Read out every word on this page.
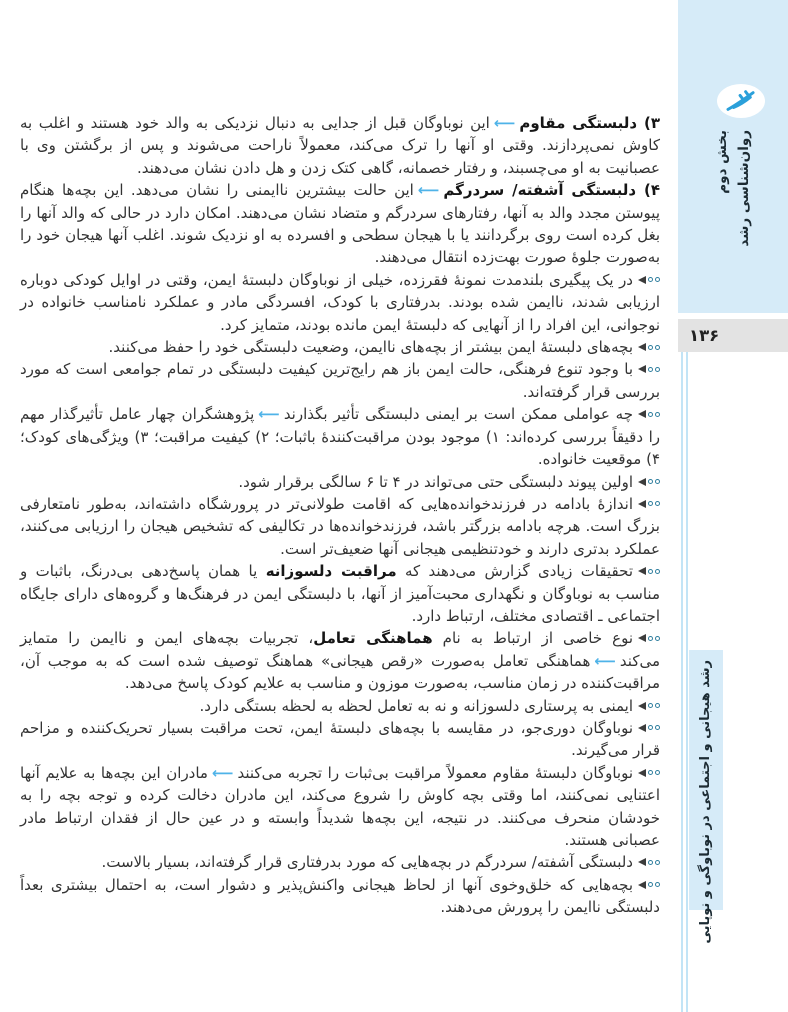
۳) دلبستگی مقاوم⟵این نوباوگان قبل از جدایی به دنبال نزدیکی به والد خود هستند و اغلب به کاوش نمی‌پردازند. وقتی او آنها را ترک می‌کند، معمولاً ناراحت می‌شوند و پس از برگشتن وی با عصبانیت به او می‌چسبند، و رفتار خصمانه، گاهی کتک زدن و هل دادن نشان می‌دهند.

۴) دلبستگی آشفته/ سردرگم⟵این حالت بیشترین ناایمنی را نشان می‌دهد. این بچه‌ها هنگام پیوستن مجدد والد به آنها، رفتارهای سردرگم و متضاد نشان می‌دهند. امکان دارد در حالی که والد آنها را بغل کرده است روی برگردانند یا با هیجان سطحی و افسرده به او نزدیک شوند. اغلب آنها هیجان خود را به‌صورت جلوهٔ صورت بهت‌زده انتقال می‌دهند.

در یک پیگیری بلندمدت نمونهٔ فقرزده، خیلی از نوباوگان دلبستهٔ ایمن، وقتی در اوایل کودکی دوباره ارزیابی شدند، ناایمن شده بودند. بدرفتاری با کودک، افسردگی مادر و عملکرد نامناسب خانواده در نوجوانی، این افراد را از آنهایی که دلبستهٔ ایمن مانده بودند، متمایز کرد.

بچه‌های دلبستهٔ ایمن بیشتر از بچه‌های ناایمن، وضعیت دلبستگی خود را حفظ می‌کنند.

با وجود تنوع فرهنگی، حالت ایمن باز هم رایج‌ترین کیفیت دلبستگی در تمام جوامعی است که مورد بررسی قرار گرفته‌اند.

چه عواملی ممکن است بر ایمنی دلبستگی تأثیر بگذارند⟵پژوهشگران چهار عامل تأثیرگذار مهم را دقیقاً بررسی کرده‌اند: ۱) موجود بودن مراقبت‌کنندهٔ باثبات؛ ۲) کیفیت مراقبت؛ ۳) ویژگی‌های کودک؛ ۴) موقعیت خانواده.

اولین پیوند دلبستگی حتی می‌تواند در ۴ تا ۶ سالگی برقرار شود.

اندازهٔ بادامه در فرزندخوانده‌هایی که اقامت طولانی‌تر در پرورشگاه داشته‌اند، به‌طور نامتعارفی بزرگ است. هرچه بادامه بزرگتر باشد، فرزندخوانده‌ها در تکالیفی که تشخیص هیجان را ارزیابی می‌کنند، عملکرد بدتری دارند و خودتنظیمی هیجانی آنها ضعیف‌تر است.

تحقیقات زیادی گزارش می‌دهند که مراقبت دلسوزانه یا همان پاسخ‌دهی بی‌درنگ، باثبات و مناسب به نوباوگان و نگهداری محبت‌آمیز از آنها، با دلبستگی ایمن در فرهنگ‌ها و گروه‌های دارای جایگاه اجتماعی ـ اقتصادی مختلف، ارتباط دارد.

نوع خاصی از ارتباط به نام هماهنگی تعامل، تجربیات بچه‌های ایمن و ناایمن را متمایز می‌کند⟵هماهنگی تعامل به‌صورت «رقص هیجانی» هماهنگ توصیف شده است که به موجب آن، مراقبت‌کننده در زمان مناسب، به‌صورت موزون و مناسب به علایم کودک پاسخ می‌دهد.

ایمنی به پرستاری دلسوزانه و نه به تعامل لحظه به لحظه بستگی دارد.

نوباوگان دوری‌جو، در مقایسه با بچه‌های دلبستهٔ ایمن، تحت مراقبت بسیار تحریک‌کننده و مزاحم قرار می‌گیرند.

نوباوگان دلبستهٔ مقاوم معمولاً مراقبت بی‌ثبات را تجربه می‌کنند⟵مادران این بچه‌ها به علایم آنها اعتنایی نمی‌کنند، اما وقتی بچه کاوش را شروع می‌کند، این مادران دخالت کرده و توجه بچه را به خودشان منحرف می‌کنند. در نتیجه، این بچه‌ها شدیداً وابسته و در عین حال از فقدان ارتباط مادر عصبانی هستند.

دلبستگی آشفته/ سردرگم در بچه‌هایی که مورد بدرفتاری قرار گرفته‌اند، بسیار بالاست.

بچه‌هایی که خلق‌وخوی آنها از لحاظ هیجانی واکنش‌پذیر و دشوار است، به احتمال بیشتری بعداً دلبستگی ناایمن را پرورش می‌دهند.

بخش دوم روان‌شناسی رشد
۱۳۶
رشد هیجانی و اجتماعی در نوباوگی و نوپایی
